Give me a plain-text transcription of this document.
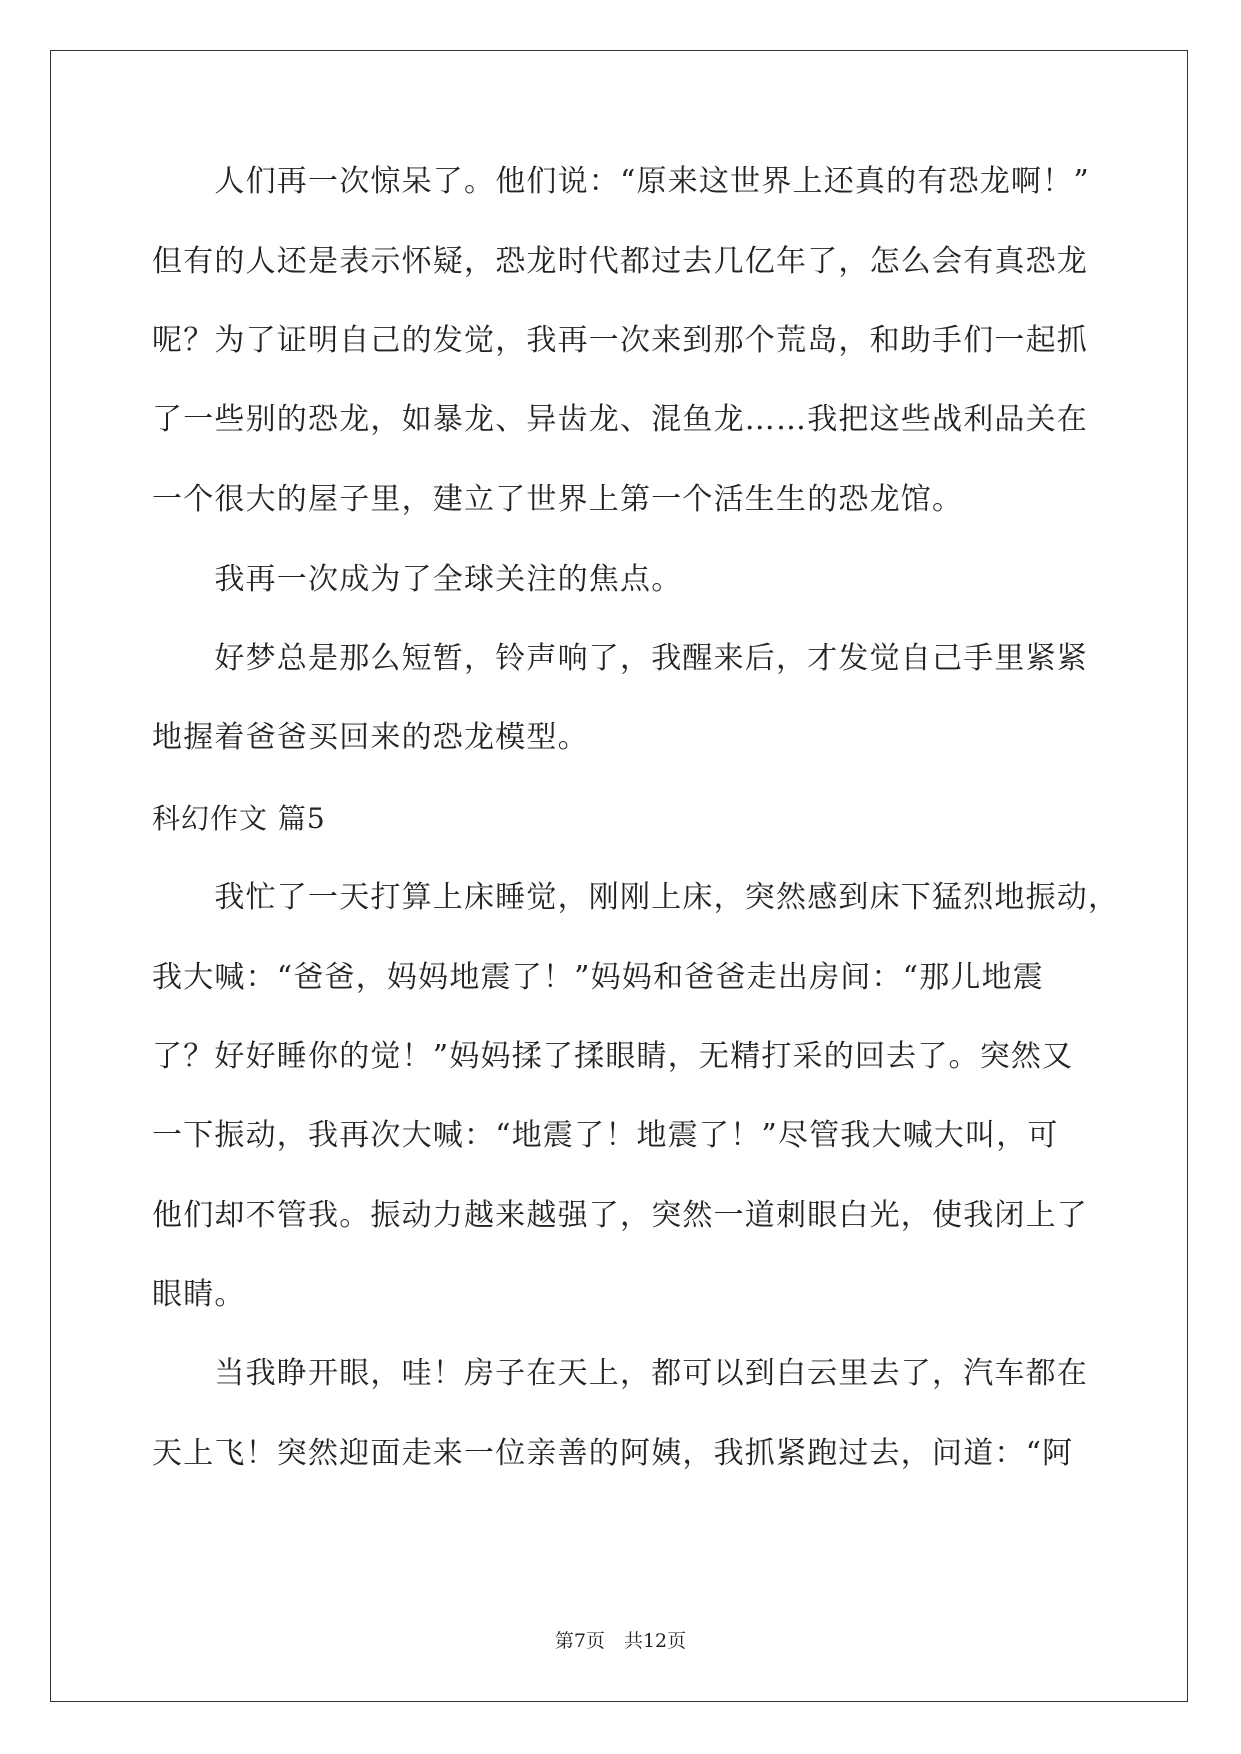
　　人们再一次惊呆了。他们说：“原来这世界上还真的有恐龙啊！”
但有的人还是表示怀疑，恐龙时代都过去几亿年了，怎么会有真恐龙
呢？为了证明自己的发觉，我再一次来到那个荒岛，和助手们一起抓
了一些别的恐龙，如暴龙、异齿龙、混鱼龙……我把这些战利品关在
一个很大的屋子里，建立了世界上第一个活生生的恐龙馆。
　　我再一次成为了全球关注的焦点。
　　好梦总是那么短暂，铃声响了，我醒来后，才发觉自己手里紧紧
地握着爸爸买回来的恐龙模型。
科幻作文 篇5
　　我忙了一天打算上床睡觉，刚刚上床，突然感到床下猛烈地振动，
我大喊：“爸爸，妈妈地震了！”妈妈和爸爸走出房间：“那儿地震
了？好好睡你的觉！”妈妈揉了揉眼睛，无精打采的回去了。突然又
一下振动，我再次大喊：“地震了！地震了！”尽管我大喊大叫，可
他们却不管我。振动力越来越强了，突然一道刺眼白光，使我闭上了
眼睛。
　　当我睁开眼，哇！房子在天上，都可以到白云里去了，汽车都在
天上飞！突然迎面走来一位亲善的阿姨，我抓紧跑过去，问道：“阿
第7页　共12页
